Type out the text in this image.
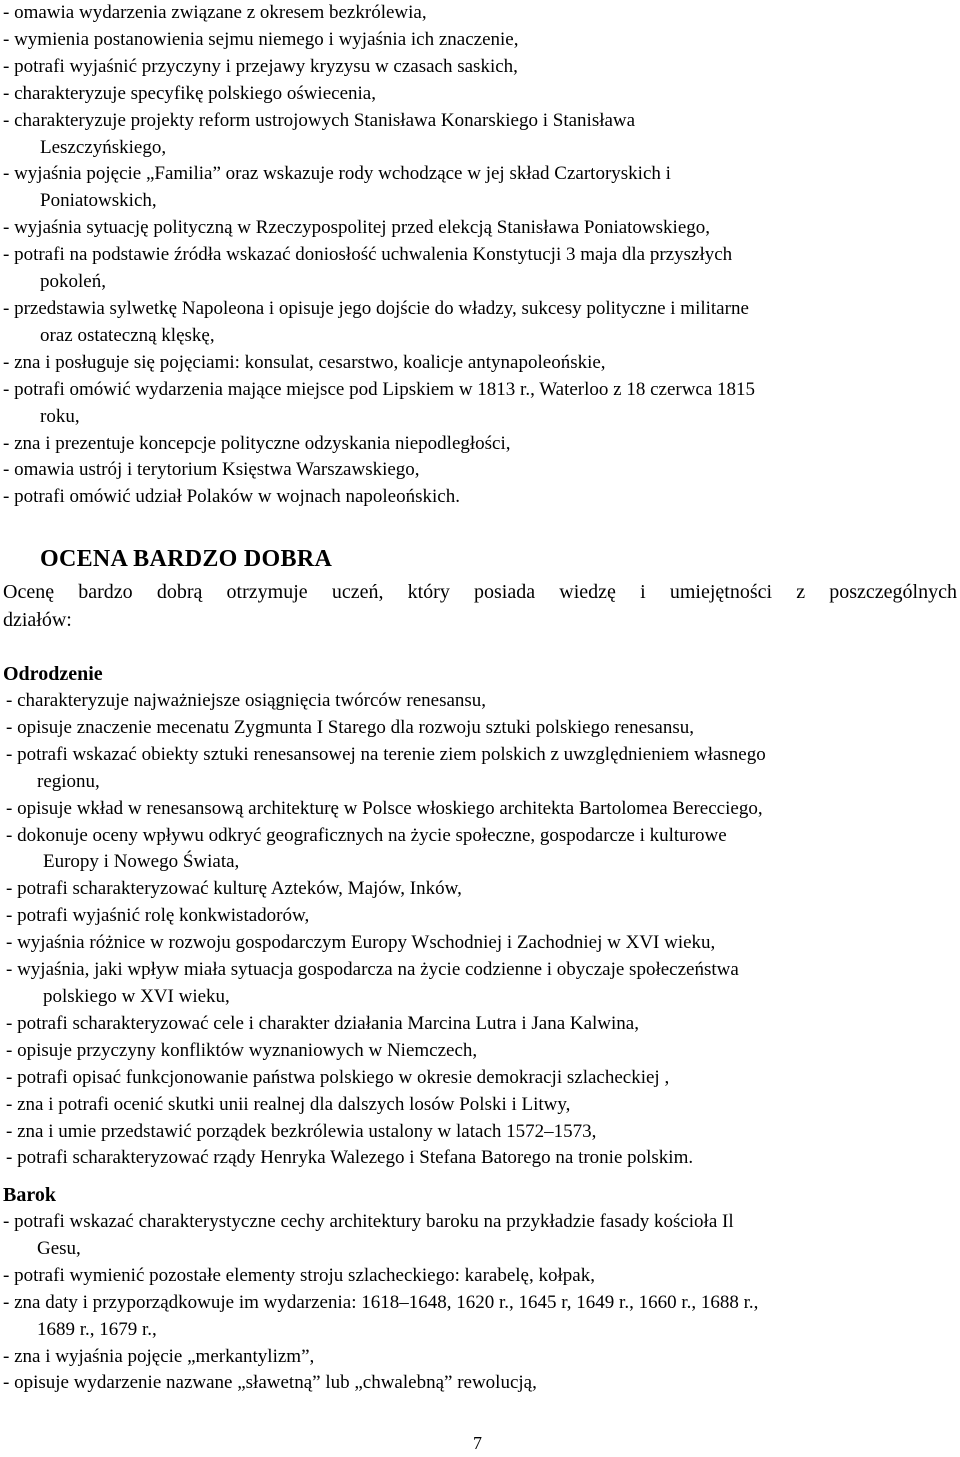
- omawia wydarzenia związane z okresem bezkrólewia,
- wymienia postanowienia sejmu niemego i wyjaśnia ich znaczenie,
- potrafi wyjaśnić przyczyny i przejawy kryzysu w czasach saskich,
- charakteryzuje specyfikę polskiego oświecenia,
- charakteryzuje projekty reform ustrojowych Stanisława Konarskiego i Stanisława
Leszczyńskiego,
- wyjaśnia pojęcie „Familia” oraz wskazuje rody wchodzące w jej skład Czartoryskich i
Poniatowskich,
- wyjaśnia sytuację polityczną w Rzeczypospolitej przed elekcją Stanisława Poniatowskiego,
- potrafi na podstawie źródła wskazać doniosłość uchwalenia Konstytucji 3 maja dla przyszłych
pokoleń,
- przedstawia sylwetkę Napoleona i opisuje jego dojście do władzy, sukcesy polityczne i militarne
oraz ostateczną klęskę,
- zna i posługuje się pojęciami: konsulat, cesarstwo, koalicje antynapoleońskie,
- potrafi omówić wydarzenia mające miejsce pod Lipskiem w 1813 r., Waterloo z 18 czerwca 1815
roku,
- zna i prezentuje koncepcje polityczne odzyskania niepodległości,
- omawia ustrój i terytorium Księstwa Warszawskiego,
- potrafi omówić udział Polaków w wojnach napoleońskich.
OCENA BARDZO DOBRA
Ocenę bardzo dobrą otrzymuje uczeń, który posiada wiedzę i umiejętności z poszczególnych
działów:
Odrodzenie
- charakteryzuje najważniejsze osiągnięcia twórców renesansu,
- opisuje znaczenie mecenatu Zygmunta I Starego dla rozwoju sztuki polskiego renesansu,
- potrafi wskazać obiekty sztuki renesansowej na terenie ziem polskich z uwzględnieniem własnego
regionu,
- opisuje wkład w renesansową architekturę w Polsce włoskiego architekta Bartolomea Berecciego,
- dokonuje oceny wpływu odkryć geograficznych na życie społeczne, gospodarcze i kulturowe
Europy i Nowego Świata,
- potrafi scharakteryzować kulturę Azteków, Majów, Inków,
- potrafi wyjaśnić rolę konkwistadorów,
- wyjaśnia różnice w rozwoju gospodarczym Europy Wschodniej i Zachodniej w XVI wieku,
- wyjaśnia, jaki wpływ miała sytuacja gospodarcza na życie codzienne i obyczaje społeczeństwa
polskiego w XVI wieku,
- potrafi scharakteryzować cele i charakter działania Marcina Lutra i Jana Kalwina,
- opisuje przyczyny konfliktów wyznaniowych w Niemczech,
- potrafi opisać funkcjonowanie państwa polskiego w okresie demokracji szlacheckiej ,
- zna i potrafi ocenić skutki unii realnej dla dalszych losów Polski i Litwy,
- zna i umie przedstawić porządek bezkrólewia ustalony w latach 1572‒1573,
- potrafi scharakteryzować rządy Henryka Walezego i Stefana Batorego na tronie polskim.
Barok
- potrafi wskazać charakterystyczne cechy architektury baroku na przykładzie fasady kościoła Il
Gesu,
- potrafi wymienić pozostałe elementy stroju szlacheckiego: karabelę, kołpak,
- zna daty i przyporządkowuje im wydarzenia: 1618‒1648, 1620 r., 1645 r, 1649 r., 1660 r., 1688 r.,
1689 r., 1679 r.,
- zna i wyjaśnia pojęcie „merkantylizm”,
- opisuje wydarzenie nazwane „sławetną” lub „chwalebną” rewolucją,
7
